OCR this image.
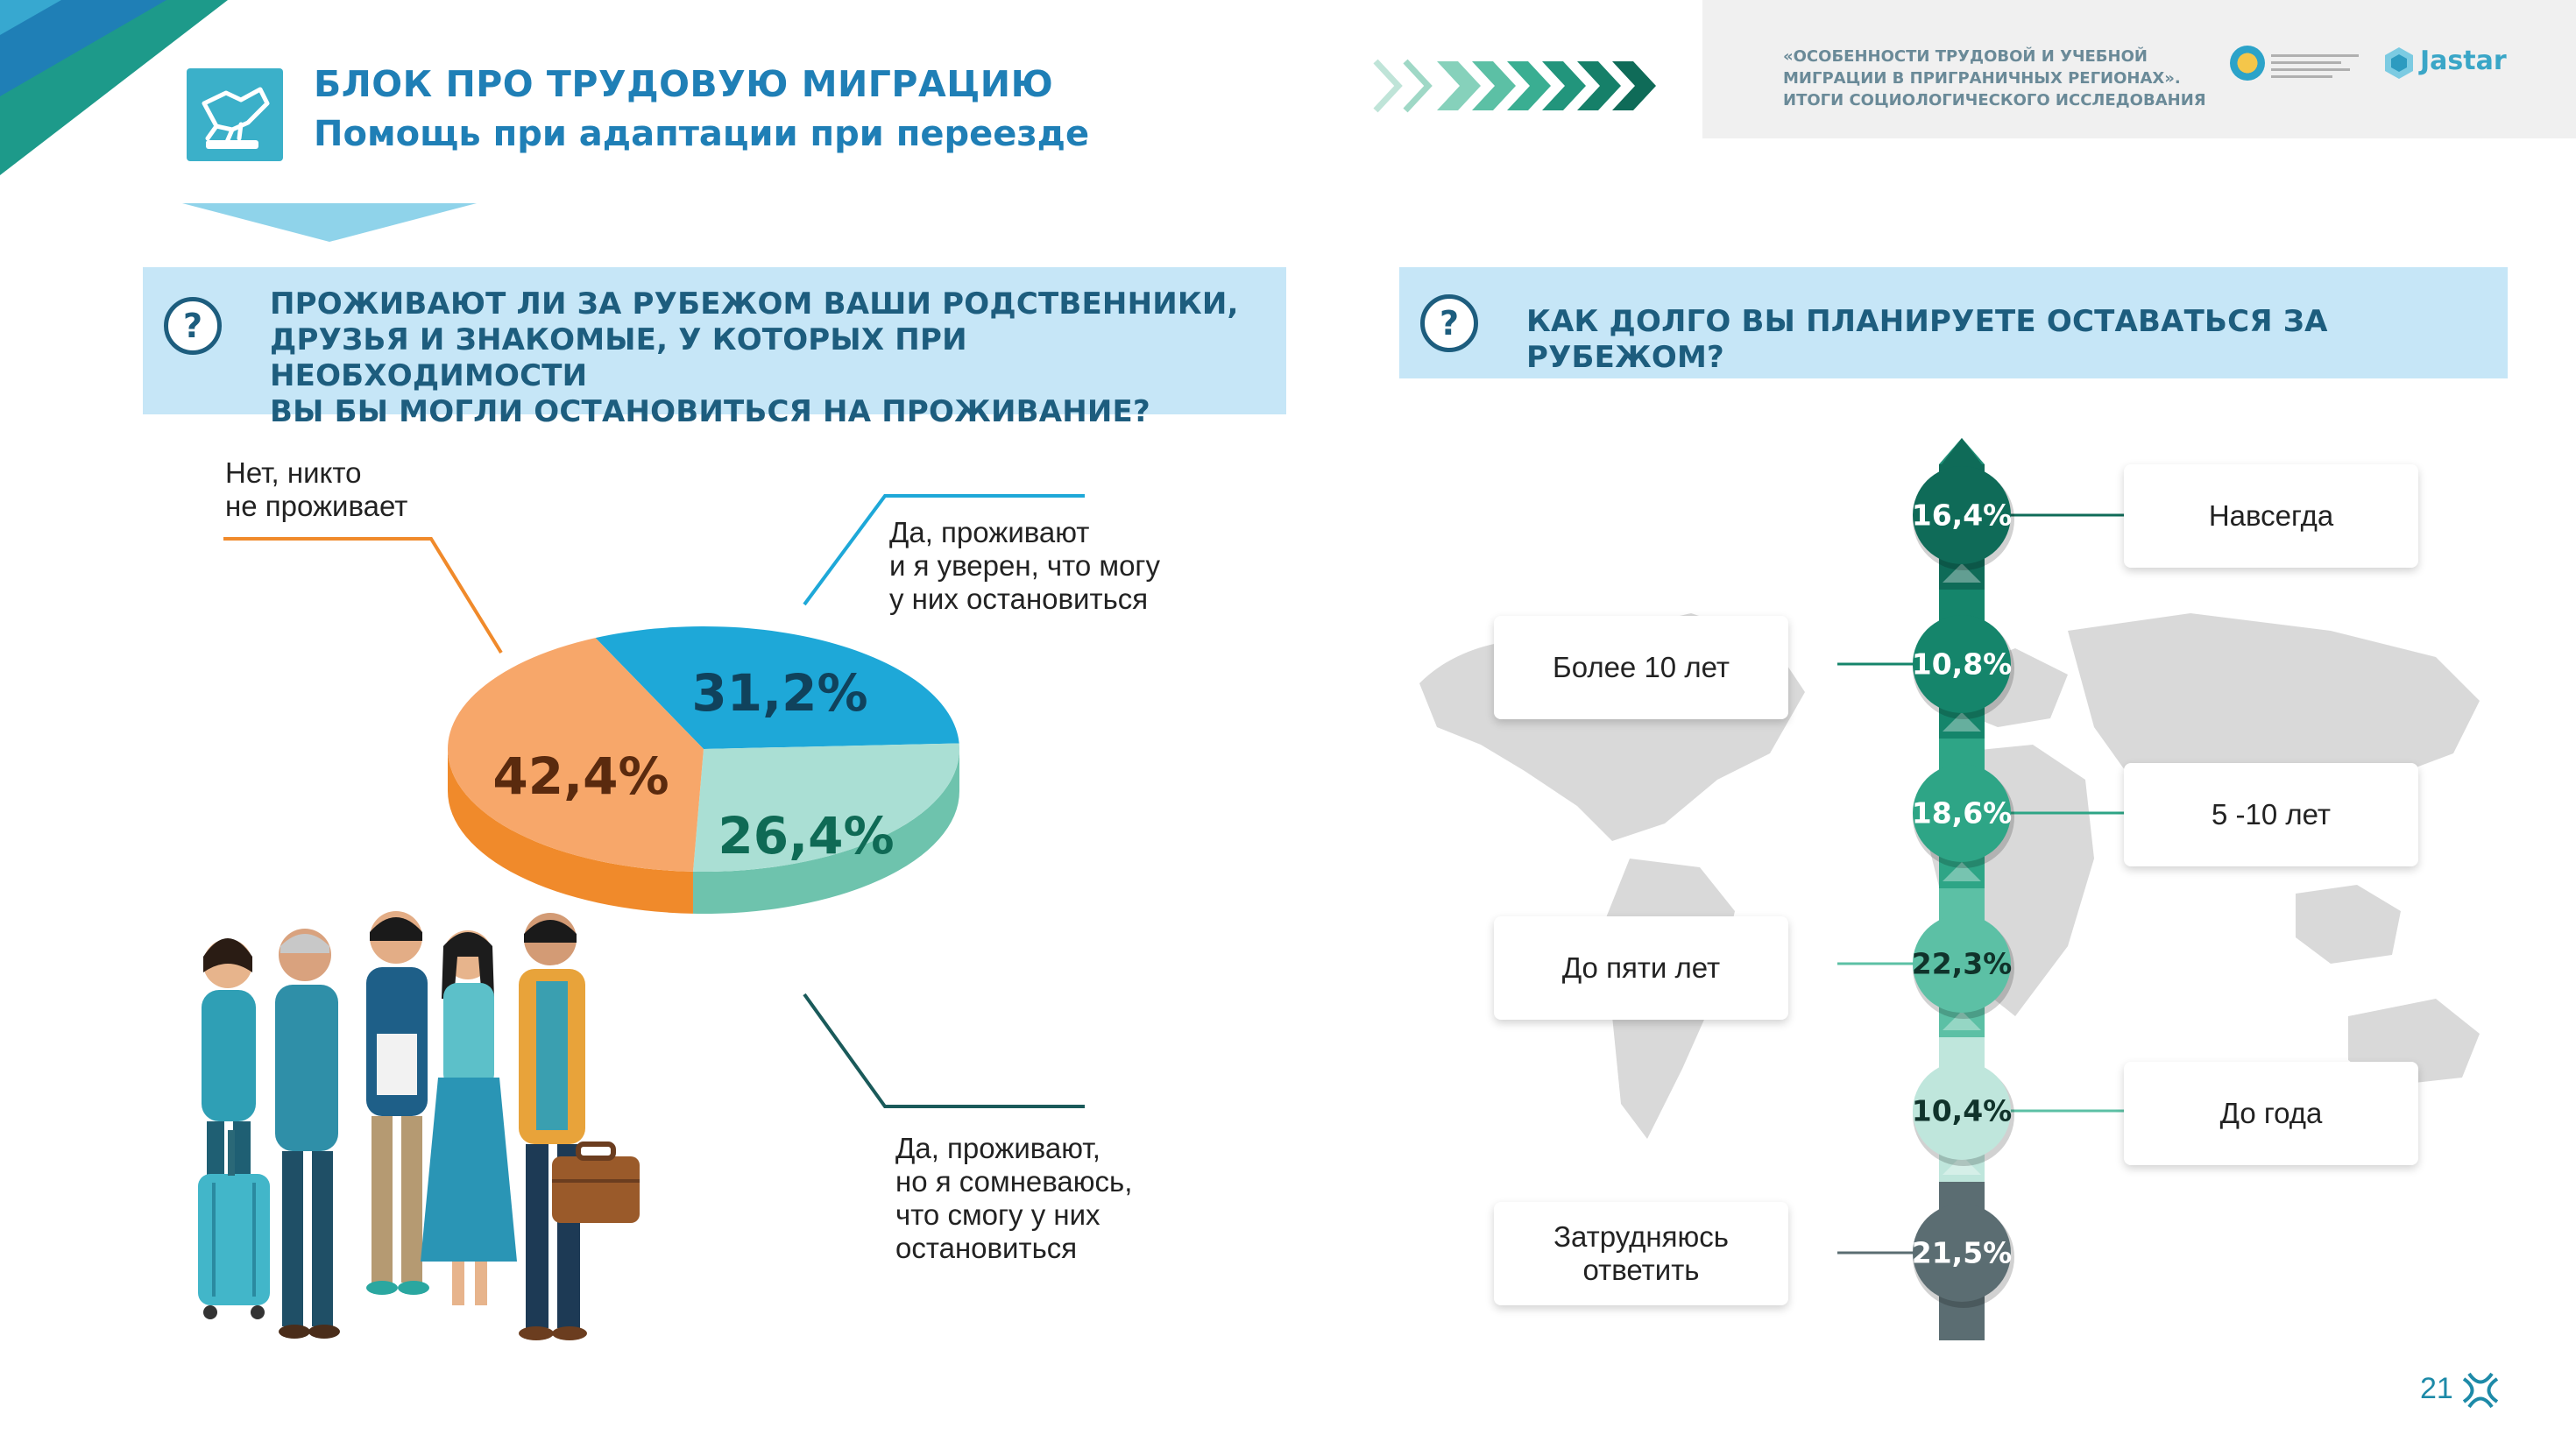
БЛОК ПРО ТРУДОВУЮ МИГРАЦИЮ
Помощь при адаптации при переезде
«ОСОБЕННОСТИ ТРУДОВОЙ И УЧЕБНОЙ
МИГРАЦИИ В ПРИГРАНИЧНЫХ РЕГИОНАХ».
ИТОГИ СОЦИОЛОГИЧЕСКОГО ИССЛЕДОВАНИЯ
Jastar
?
ПРОЖИВАЮТ ЛИ ЗА РУБЕЖОМ ВАШИ РОДСТВЕННИКИ,
ДРУЗЬЯ И ЗНАКОМЫЕ, У КОТОРЫХ ПРИ НЕОБХОДИМОСТИ
ВЫ БЫ МОГЛИ ОСТАНОВИТЬСЯ НА ПРОЖИВАНИЕ?
?	КАК ДОЛГО ВЫ ПЛАНИРУЕТЕ ОСТАВАТЬСЯ ЗА РУБЕЖОМ?
31,2%
26,4%
42,4%
Нет, никто
не проживает
Да, проживают
и я уверен, что могу
у них остановиться
Да, проживают,
но я сомневаюсь,
что смогу у них
остановиться
16,4%
10,8%
18,6%
22,3%
10,4%
21,5%
Навсегда
Более 10 лет
5 -10 лет
До пяти лет
До года
Затрудняюсь
ответить
21
